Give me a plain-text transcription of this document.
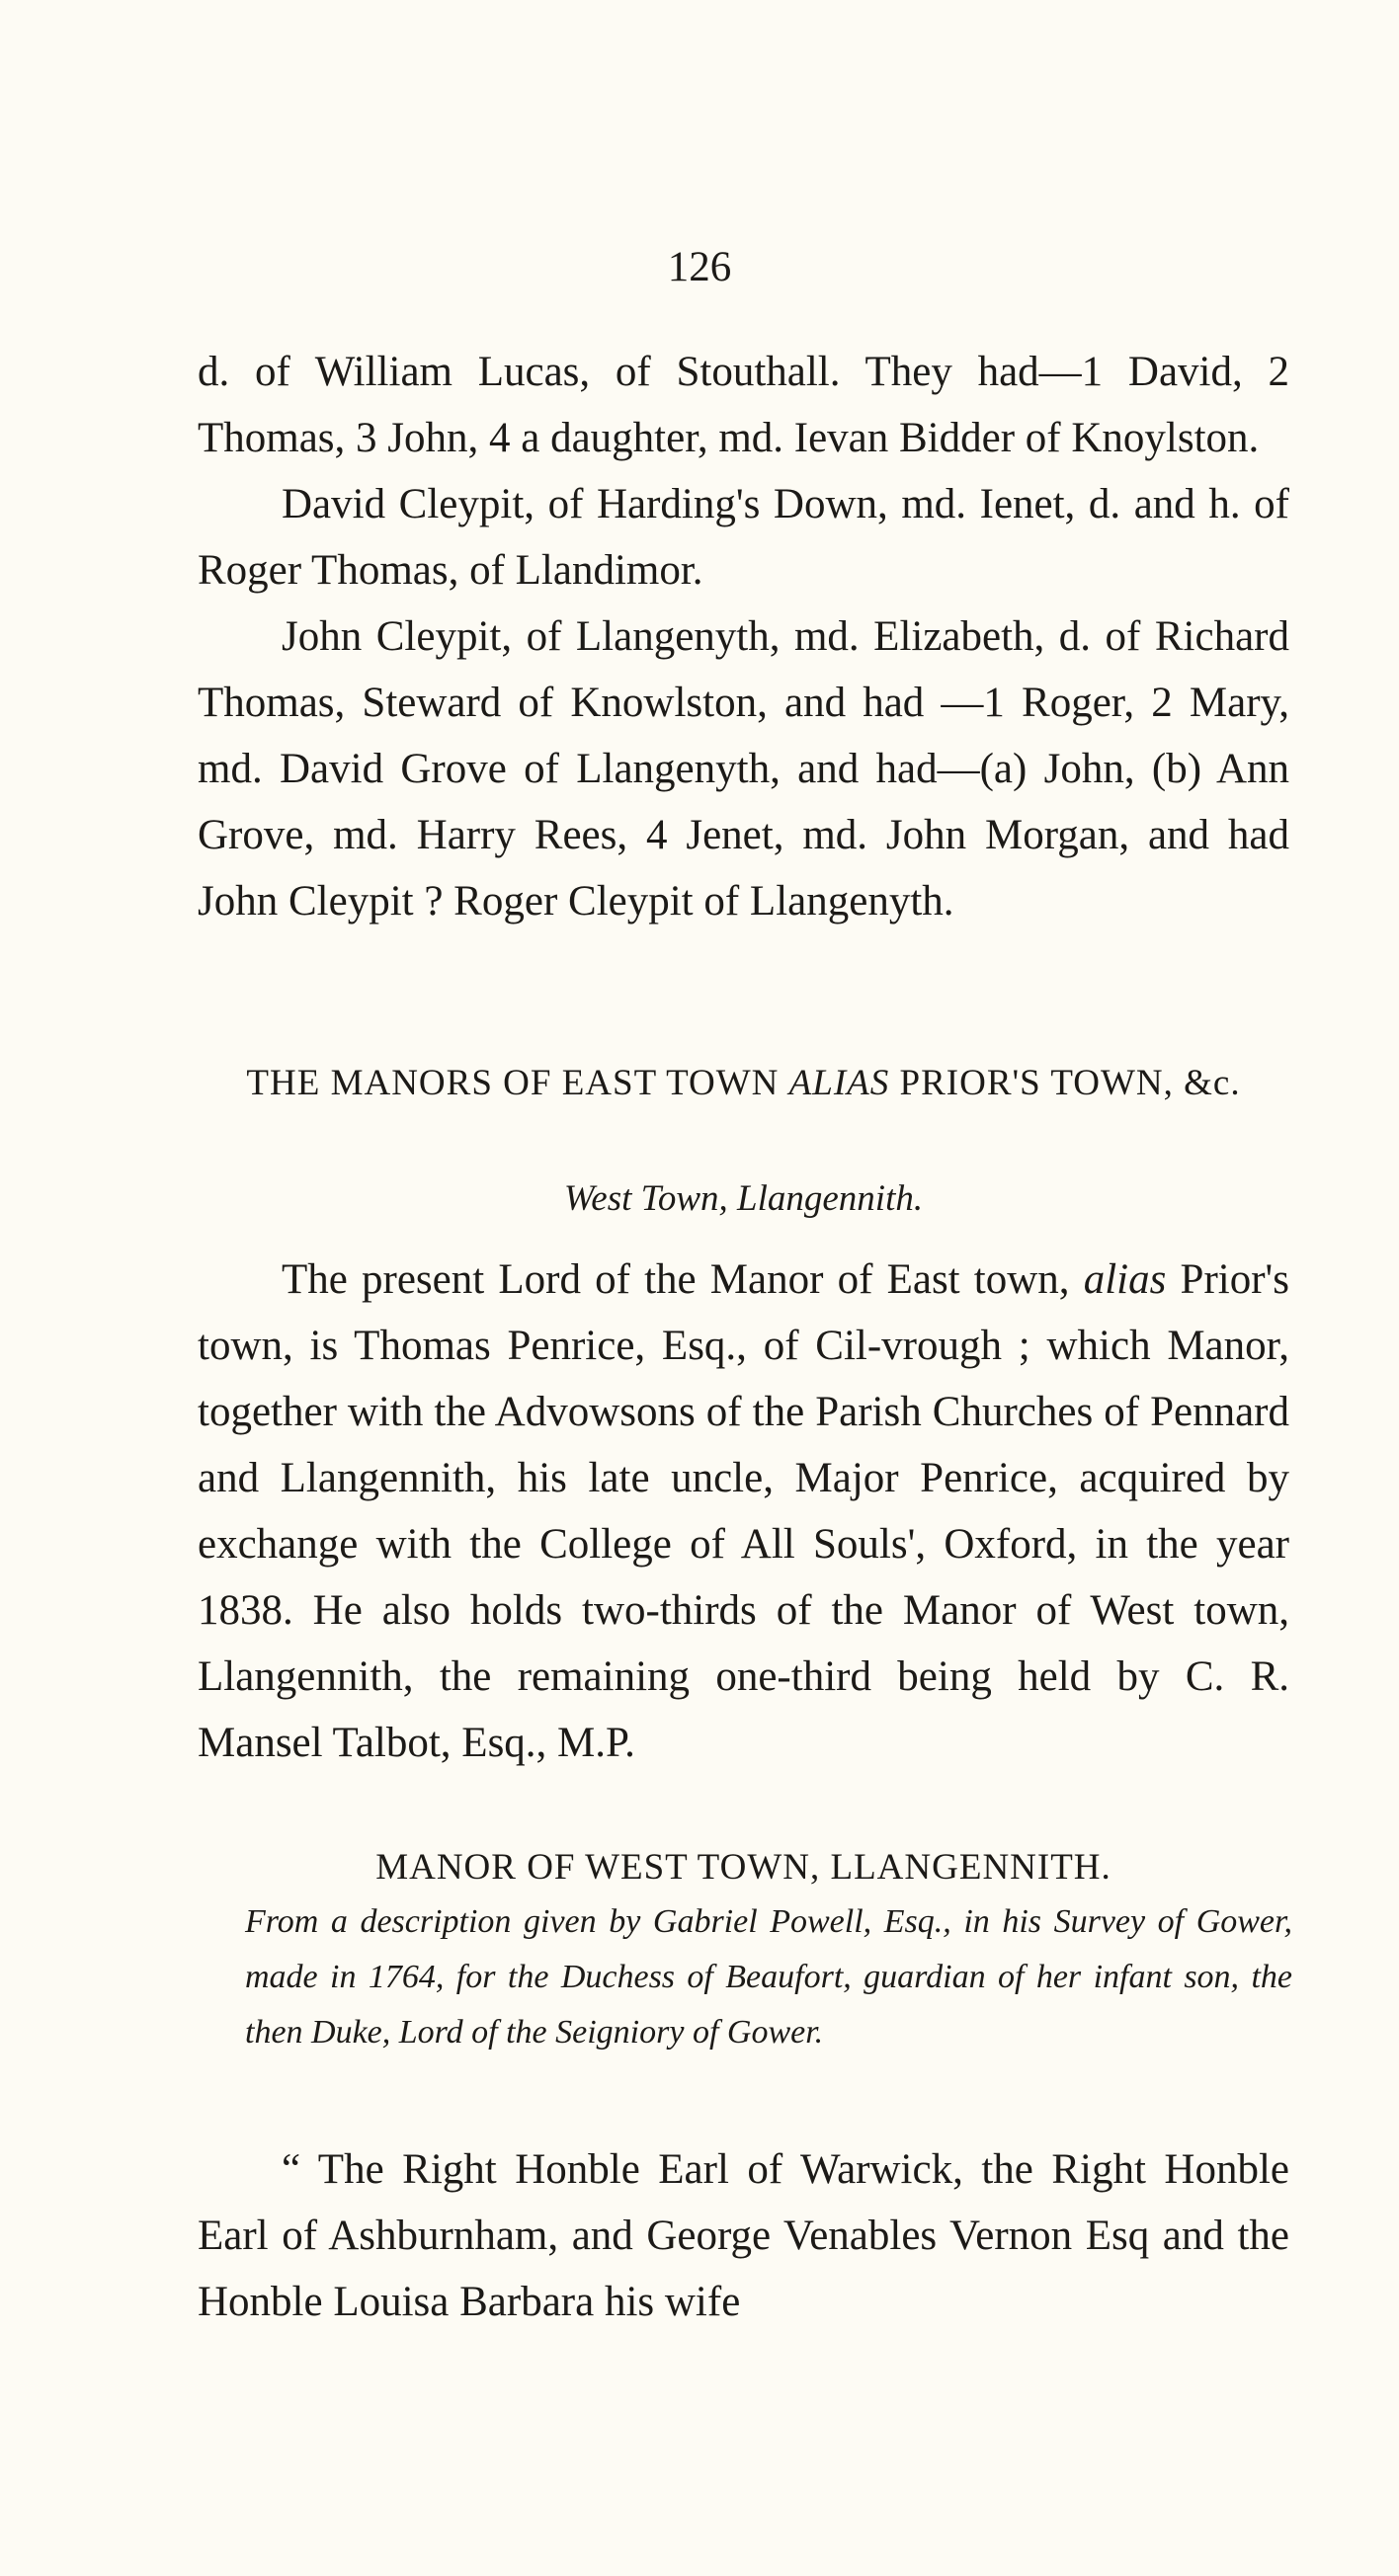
126

d. of William Lucas, of Stouthall. They had—1 David, 2 Thomas, 3 John, 4 a daughter, md. Ievan Bidder of Knoylston.

David Cleypit, of Harding's Down, md. Ienet, d. and h. of Roger Thomas, of Llandimor.

John Cleypit, of Llangenyth, md. Elizabeth, d. of Richard Thomas, Steward of Knowlston, and had —1 Roger, 2 Mary, md. David Grove of Llangenyth, and had—(a) John, (b) Ann Grove, md. Harry Rees, 4 Jenet, md. John Morgan, and had John Cleypit ? Roger Cleypit of Llangenyth.

THE MANORS OF EAST TOWN ALIAS PRIOR'S TOWN, &c.
West Town, Llangennith.

The present Lord of the Manor of East town, alias Prior's town, is Thomas Penrice, Esq., of Cil-vrough ; which Manor, together with the Advowsons of the Parish Churches of Pennard and Llangennith, his late uncle, Major Penrice, acquired by exchange with the College of All Souls', Oxford, in the year 1838. He also holds two-thirds of the Manor of West town, Llangennith, the remaining one-third being held by C. R. Mansel Talbot, Esq., M.P.

MANOR OF WEST TOWN, LLANGENNITH.
From a description given by Gabriel Powell, Esq., in his Survey of Gower, made in 1764, for the Duchess of Beaufort, guardian of her infant son, the then Duke, Lord of the Seigniory of Gower.

“ The Right Honble Earl of Warwick, the Right Honble Earl of Ashburnham, and George Venables Vernon Esq and the Honble Louisa Barbara his wife
